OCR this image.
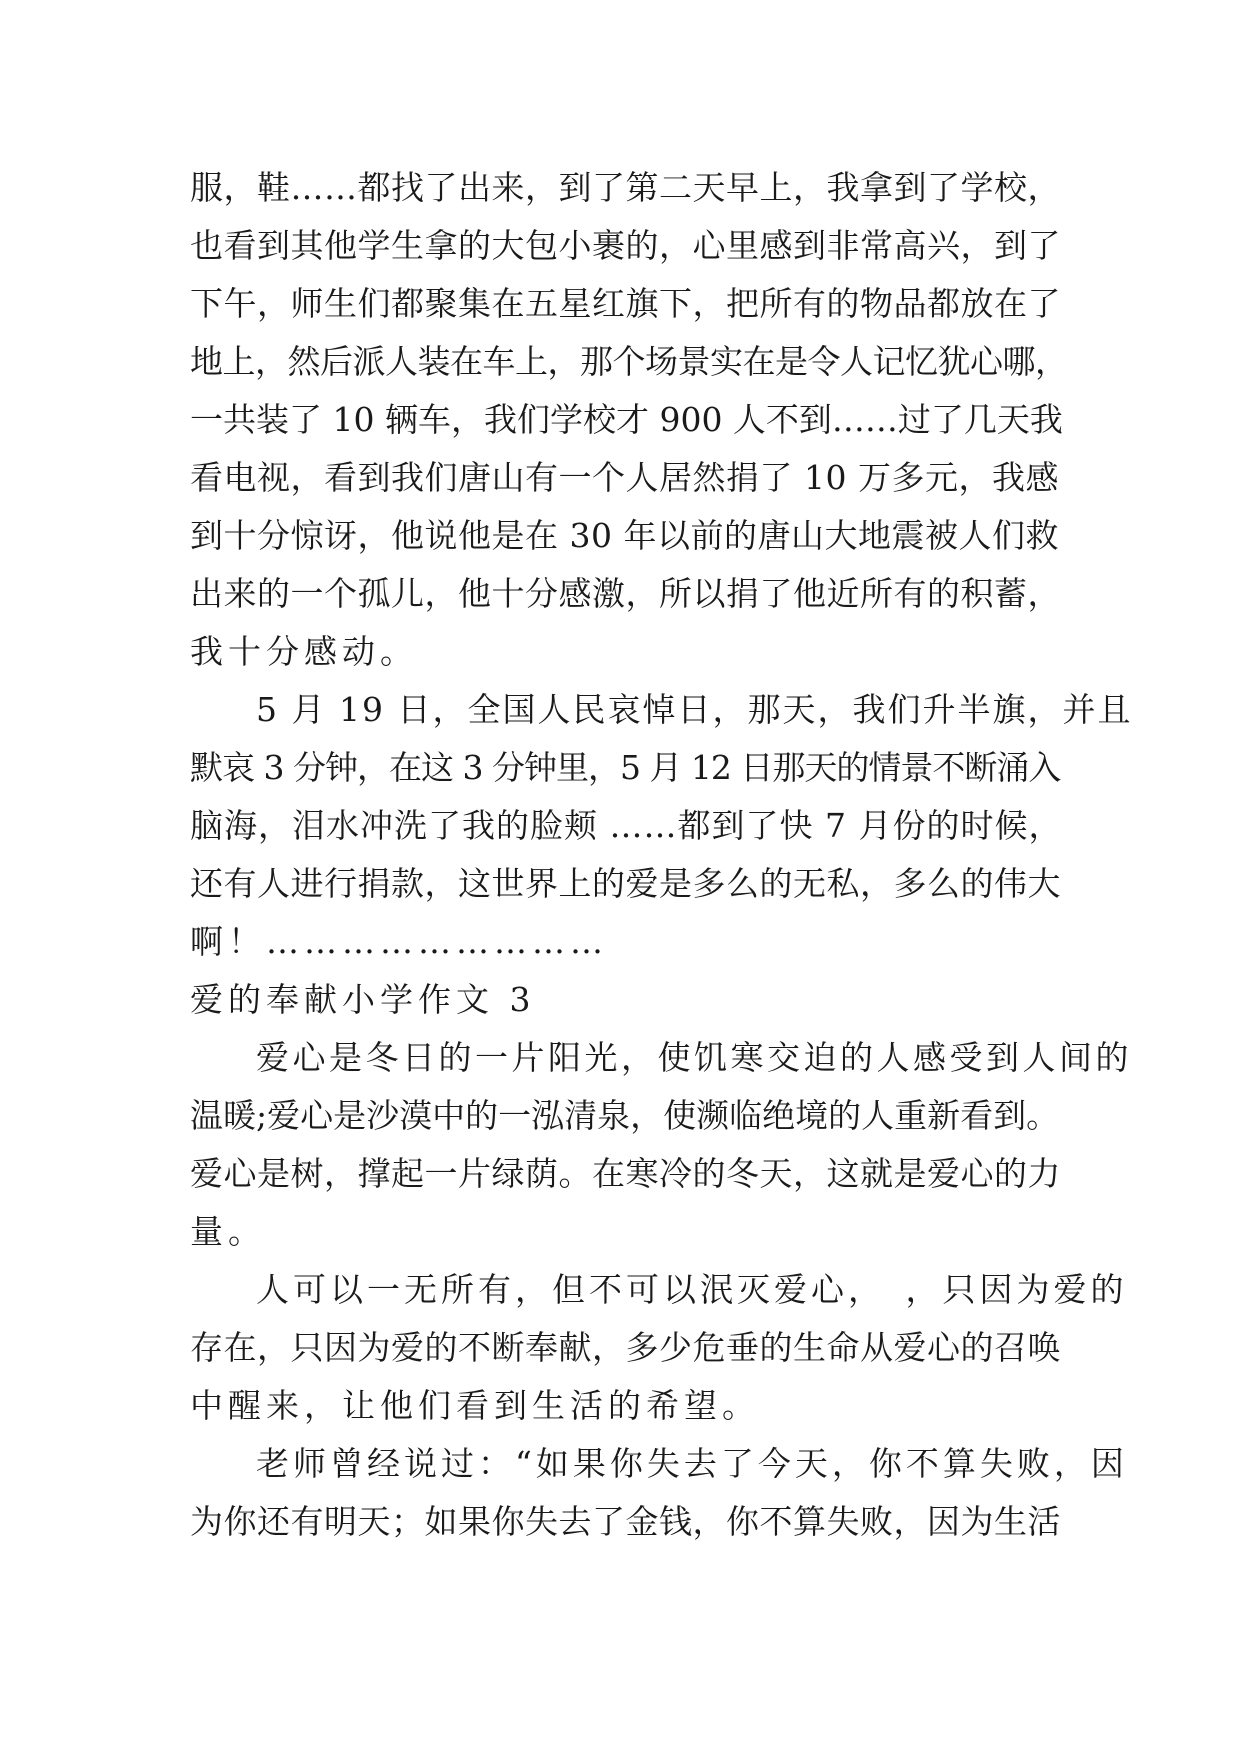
服，鞋……都找了出来，到了第二天早上，我拿到了学校，
也看到其他学生拿的大包小裹的，心里感到非常高兴，到了
下午，师生们都聚集在五星红旗下，把所有的物品都放在了
地上，然后派人装在车上，那个场景实在是令人记忆犹心哪，
一共装了 10 辆车，我们学校才 900 人不到……过了几天我
看电视，看到我们唐山有一个人居然捐了 10 万多元，我感
到十分惊讶，他说他是在 30 年以前的唐山大地震被人们救
出来的一个孤儿，他十分感激，所以捐了他近所有的积蓄，
我十分感动。
5 月 19 日，全国人民哀悼日，那天，我们升半旗，并且
默哀 3 分钟，在这 3 分钟里，5 月 12 日那天的情景不断涌入
脑海，泪水冲洗了我的脸颊 ……都到了快 7 月份的时候，
还有人进行捐款，这世界上的爱是多么的无私，多么的伟大
啊！………………………
爱的奉献小学作文 3
爱心是冬日的一片阳光，使饥寒交迫的人感受到人间的
温暖;爱心是沙漠中的一泓清泉，使濒临绝境的人重新看到。
爱心是树，撑起一片绿荫。在寒冷的冬天，这就是爱心的力
量。
人可以一无所有，但不可以泯灭爱心，　，只因为爱的
存在，只因为爱的不断奉献，多少危垂的生命从爱心的召唤
中醒来，让他们看到生活的希望。
老师曾经说过：“如果你失去了今天，你不算失败，因
为你还有明天；如果你失去了金钱，你不算失败，因为生活
